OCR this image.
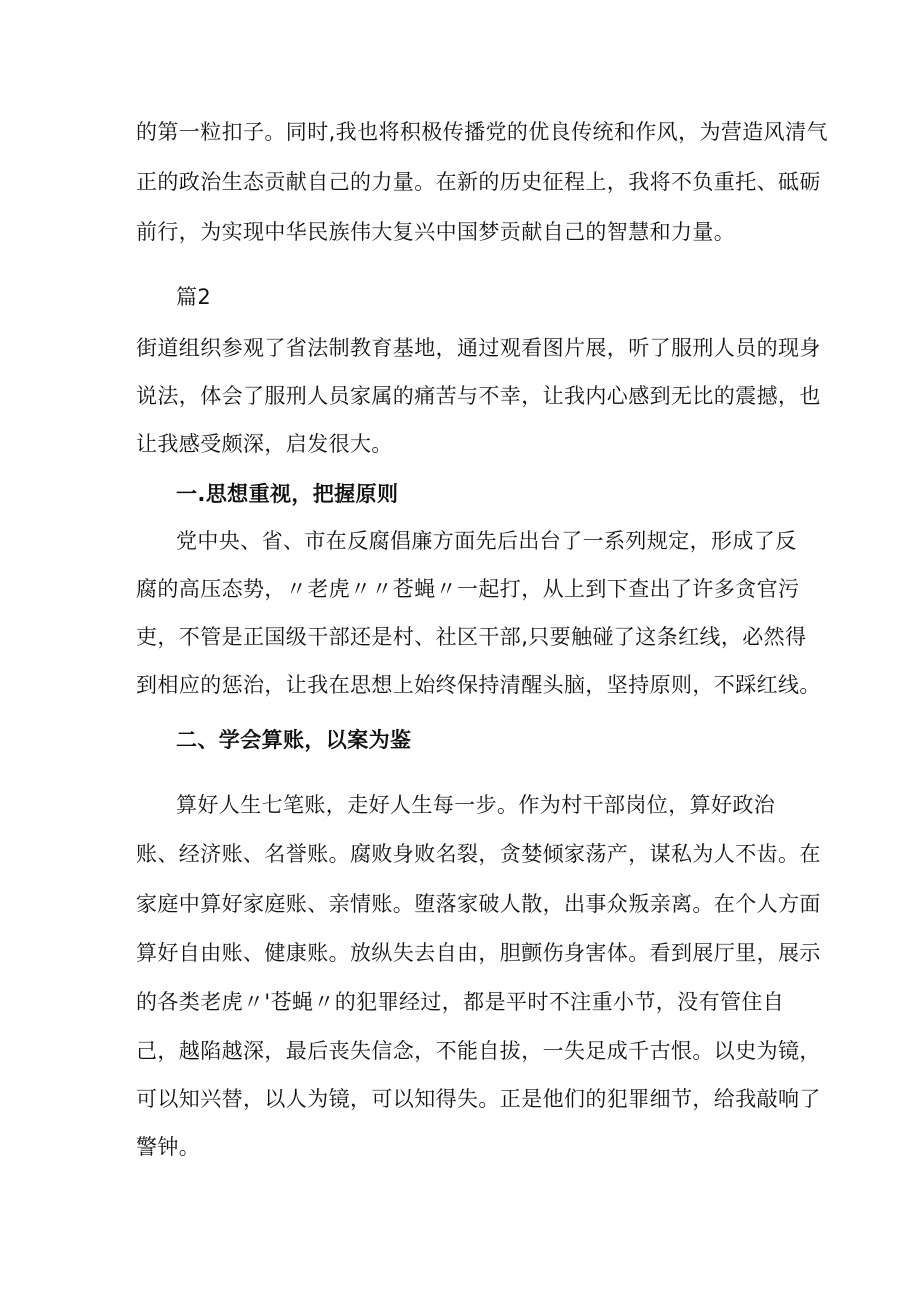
的第一粒扣子。同时,我也将积极传播党的优良传统和作风，为营造风清气
正的政治生态贡献自己的力量。在新的历史征程上，我将不负重托、砥砺
前行，为实现中华民族伟大复兴中国梦贡献自己的智慧和力量。
篇2
街道组织参观了省法制教育基地，通过观看图片展，听了服刑人员的现身
说法，体会了服刑人员家属的痛苦与不幸，让我内心感到无比的震撼，也
让我感受颇深，启发很大。
一.思想重视，把握原则
党中央、省、市在反腐倡廉方面先后出台了一系列规定，形成了反
腐的高压态势，〃老虎〃〃苍蝇〃一起打，从上到下查出了许多贪官污
吏，不管是正国级干部还是村、社区干部,只要触碰了这条红线，必然得
到相应的惩治，让我在思想上始终保持清醒头脑，坚持原则，不踩红线。
二、学会算账，以案为鉴
算好人生七笔账，走好人生每一步。作为村干部岗位，算好政治
账、经济账、名誉账。腐败身败名裂，贪婪倾家荡产，谋私为人不齿。在
家庭中算好家庭账、亲情账。堕落家破人散，出事众叛亲离。在个人方面
算好自由账、健康账。放纵失去自由，胆颤伤身害体。看到展厅里，展示
的各类老虎〃'苍蝇〃的犯罪经过，都是平时不注重小节，没有管住自
己，越陷越深，最后丧失信念，不能自拔，一失足成千古恨。以史为镜，
可以知兴替，以人为镜，可以知得失。正是他们的犯罪细节，给我敲响了
警钟。
